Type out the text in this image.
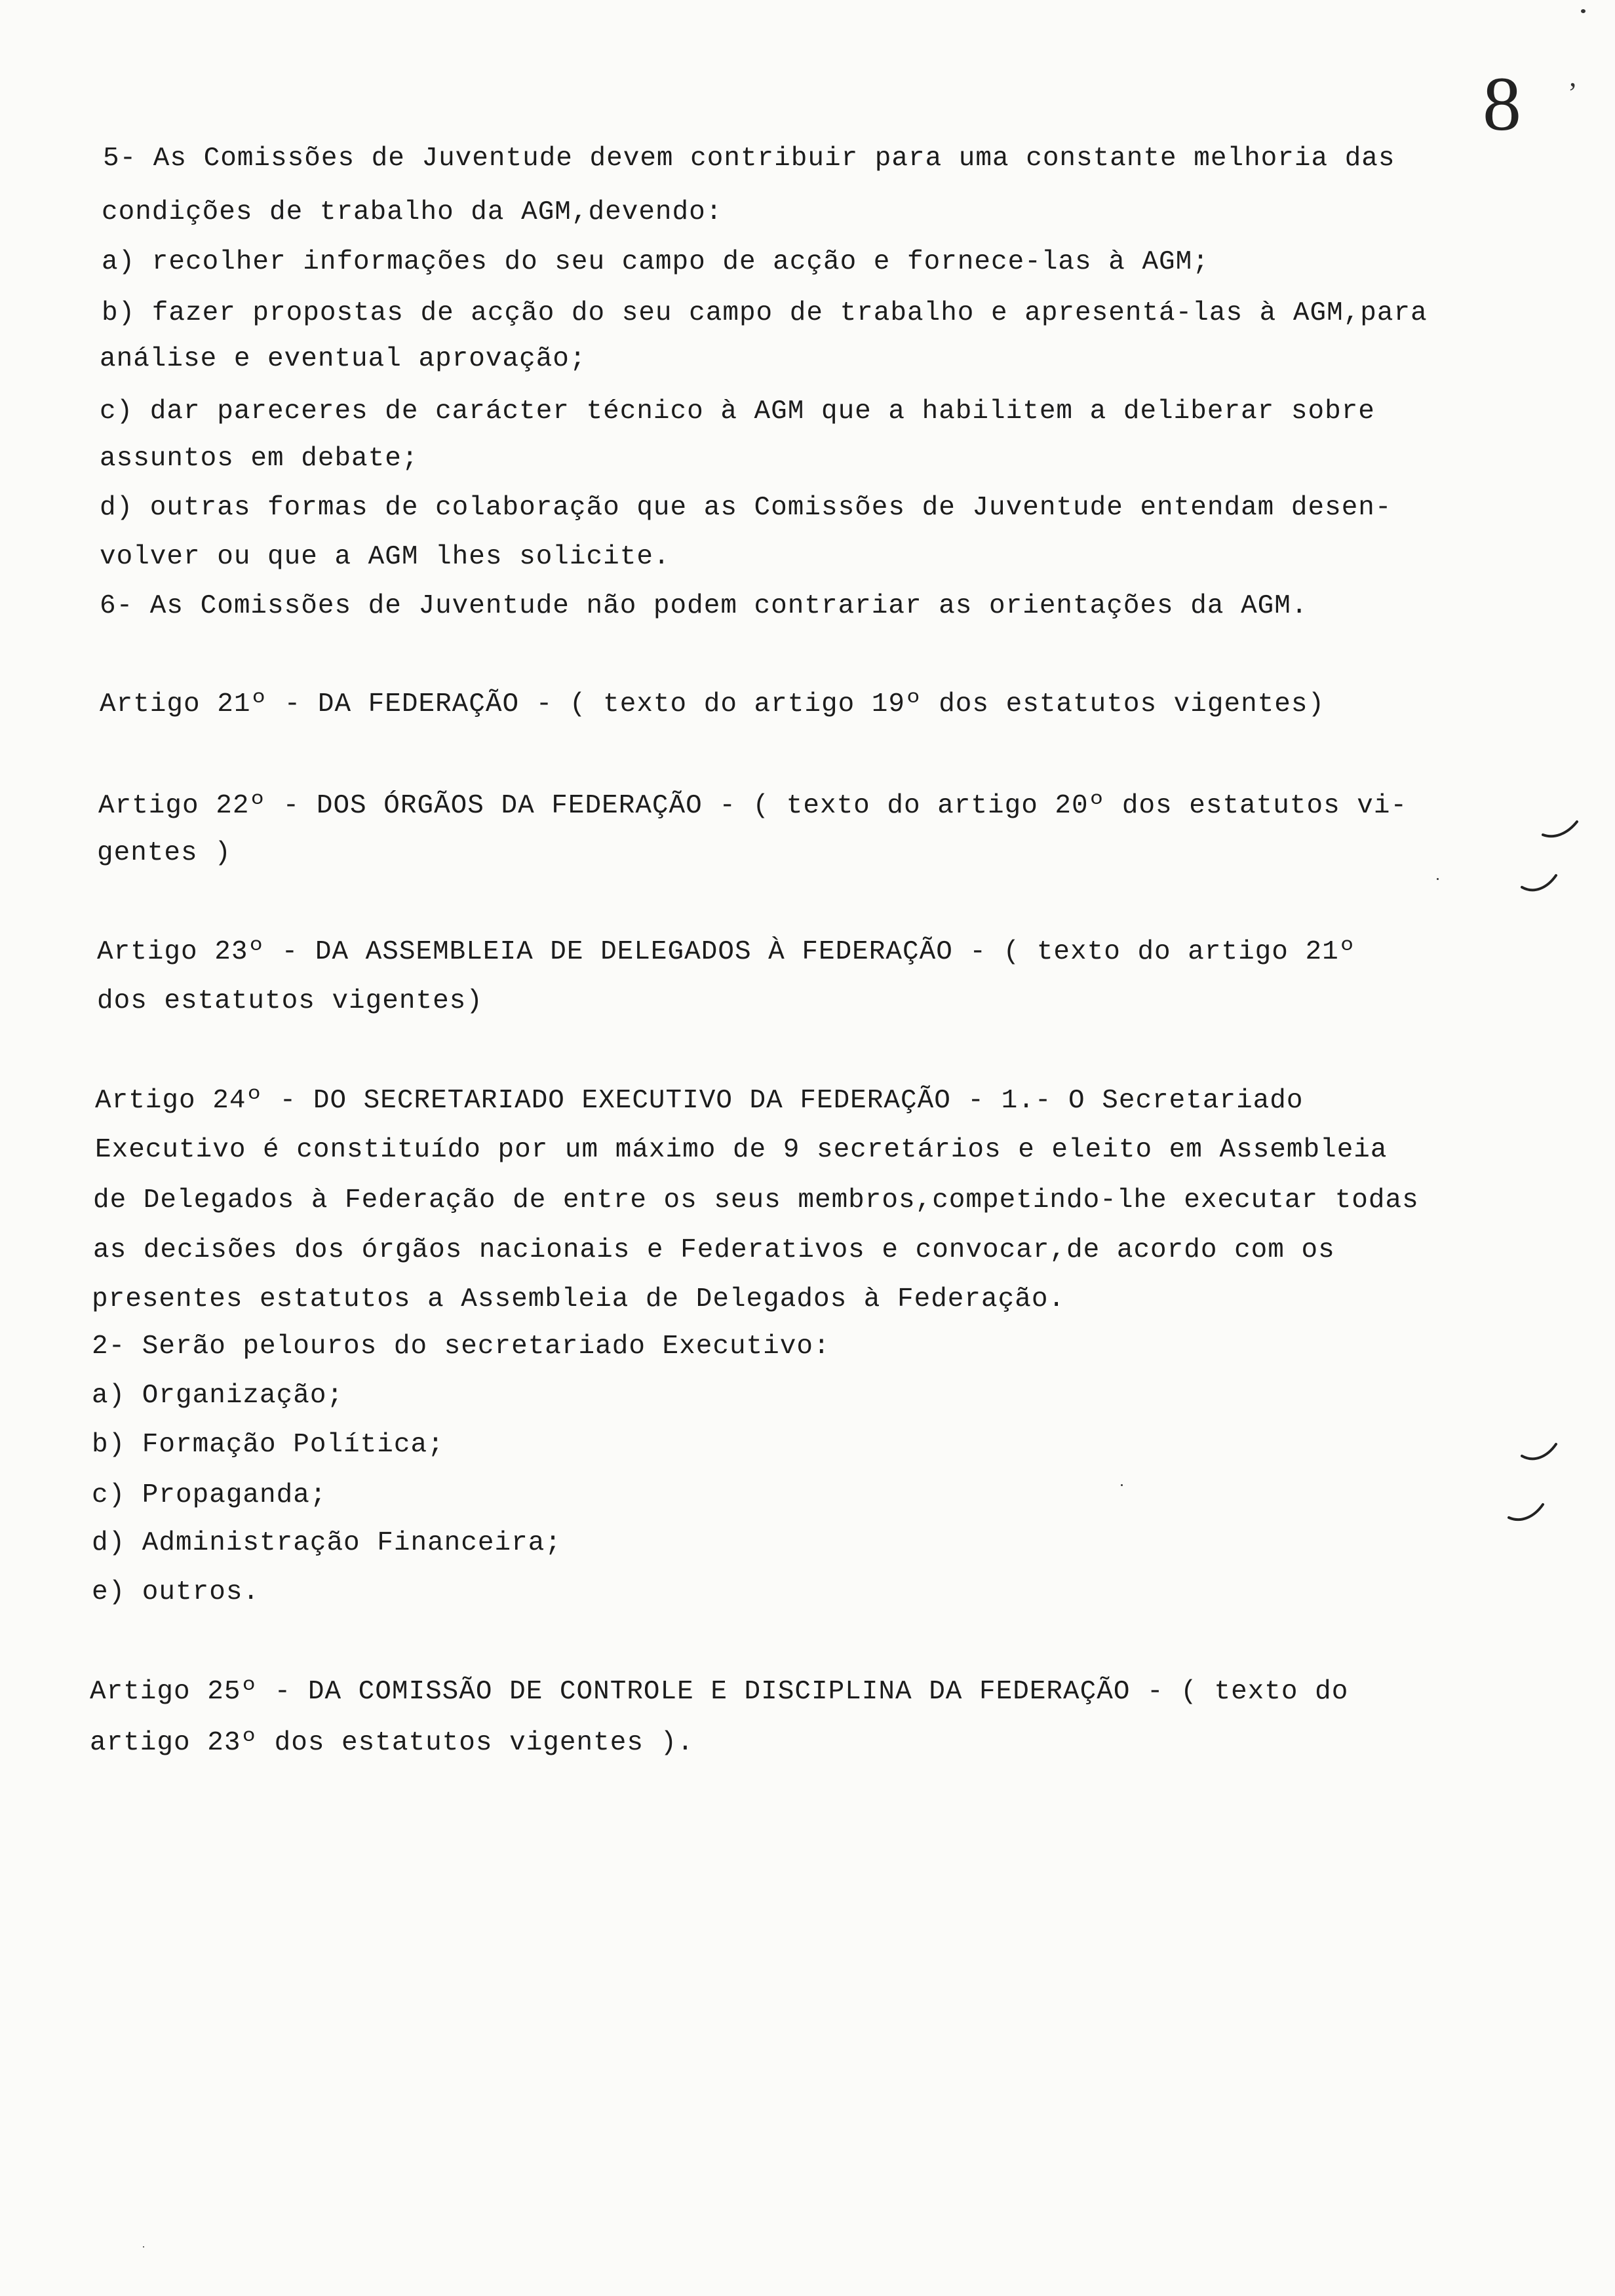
8 ’
5- As Comissões de Juventude devem contribuir para uma constante melhoria das
condições de trabalho da AGM,devendo:
a) recolher informações do seu campo de acção e fornece-las à AGM;
b) fazer propostas de acção do seu campo de trabalho e apresentá-las à AGM,para
análise e eventual aprovação;
c) dar pareceres de carácter técnico à AGM que a habilitem a deliberar sobre
assuntos em debate;
d) outras formas de colaboração que as Comissões de Juventude entendam desen-
volver ou que a AGM lhes solicite.
6- As Comissões de Juventude não podem contrariar as orientações da AGM.
Artigo 21º - DA FEDERAÇÃO - ( texto do artigo 19º dos estatutos vigentes)
Artigo 22º - DOS ÓRGÃOS DA FEDERAÇÃO - ( texto do artigo 20º dos estatutos vi-
gentes )
Artigo 23º - DA ASSEMBLEIA DE DELEGADOS À FEDERAÇÃO - ( texto do artigo 21º
dos estatutos vigentes)
Artigo 24º - DO SECRETARIADO EXECUTIVO DA FEDERAÇÃO - 1.- O Secretariado
Executivo é constituído por um máximo de 9 secretários e eleito em Assembleia
de Delegados à Federação de entre os seus membros,competindo-lhe executar todas
as decisões dos órgãos nacionais e Federativos e convocar,de acordo com os
presentes estatutos a Assembleia de Delegados à Federação.
2- Serão pelouros do secretariado Executivo:
a) Organização;
b) Formação Política;
c) Propaganda;
d) Administração Financeira;
e) outros.
Artigo 25º - DA COMISSÃO DE CONTROLE E DISCIPLINA DA FEDERAÇÃO - ( texto do
artigo 23º dos estatutos vigentes ).
